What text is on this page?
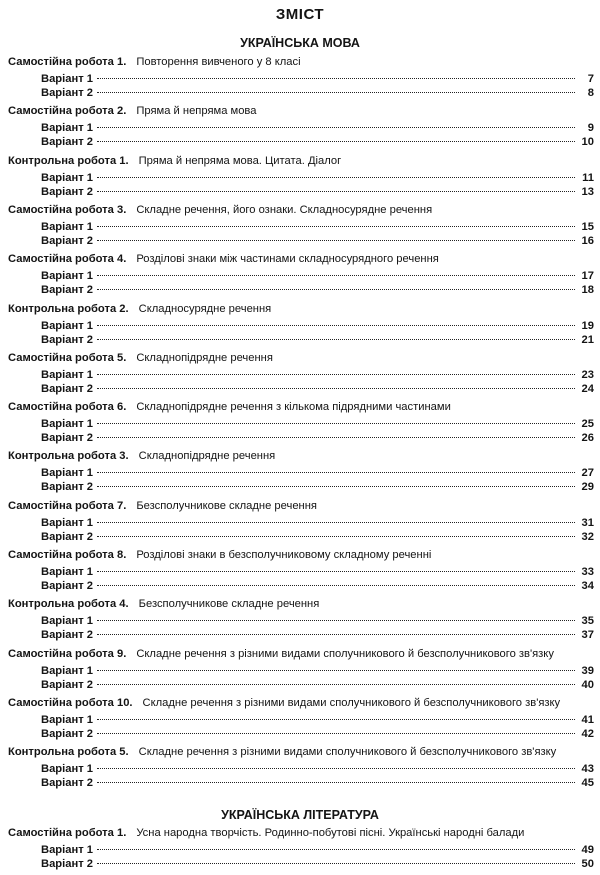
ЗМІСТ
УКРАЇНСЬКА МОВА
Самостійна робота 1. Повторення вивченого у 8 класі
Варіант 1	7
Варіант 2	8
Самостійна робота 2. Пряма й непряма мова
Варіант 1	9
Варіант 2	10
Контрольна робота 1. Пряма й непряма мова. Цитата. Діалог
Варіант 1	11
Варіант 2	13
Самостійна робота 3. Складне речення, його ознаки. Складносурядне речення
Варіант 1	15
Варіант 2	16
Самостійна робота 4. Розділові знаки між частинами складносурядного речення
Варіант 1	17
Варіант 2	18
Контрольна робота 2. Складносурядне речення
Варіант 1	19
Варіант 2	21
Самостійна робота 5. Складнопідрядне речення
Варіант 1	23
Варіант 2	24
Самостійна робота 6. Складнопідрядне речення з кількома підрядними частинами
Варіант 1	25
Варіант 2	26
Контрольна робота 3. Складнопідрядне речення
Варіант 1	27
Варіант 2	29
Самостійна робота 7. Безсполучникове складне речення
Варіант 1	31
Варіант 2	32
Самостійна робота 8. Розділові знаки в безсполучниковому складному реченні
Варіант 1	33
Варіант 2	34
Контрольна робота 4. Безсполучникове складне речення
Варіант 1	35
Варіант 2	37
Самостійна робота 9. Складне речення з різними видами сполучникового й безсполучникового зв'язку
Варіант 1	39
Варіант 2	40
Самостійна робота 10. Складне речення з різними видами сполучникового й безсполучникового зв'язку
Варіант 1	41
Варіант 2	42
Контрольна робота 5. Складне речення з різними видами сполучникового й безсполучникового зв'язку
Варіант 1	43
Варіант 2	45
УКРАЇНСЬКА ЛІТЕРАТУРА
Самостійна робота 1. Усна народна творчість. Родинно-побутові пісні. Українські народні балади
Варіант 1	49
Варіант 2	50
